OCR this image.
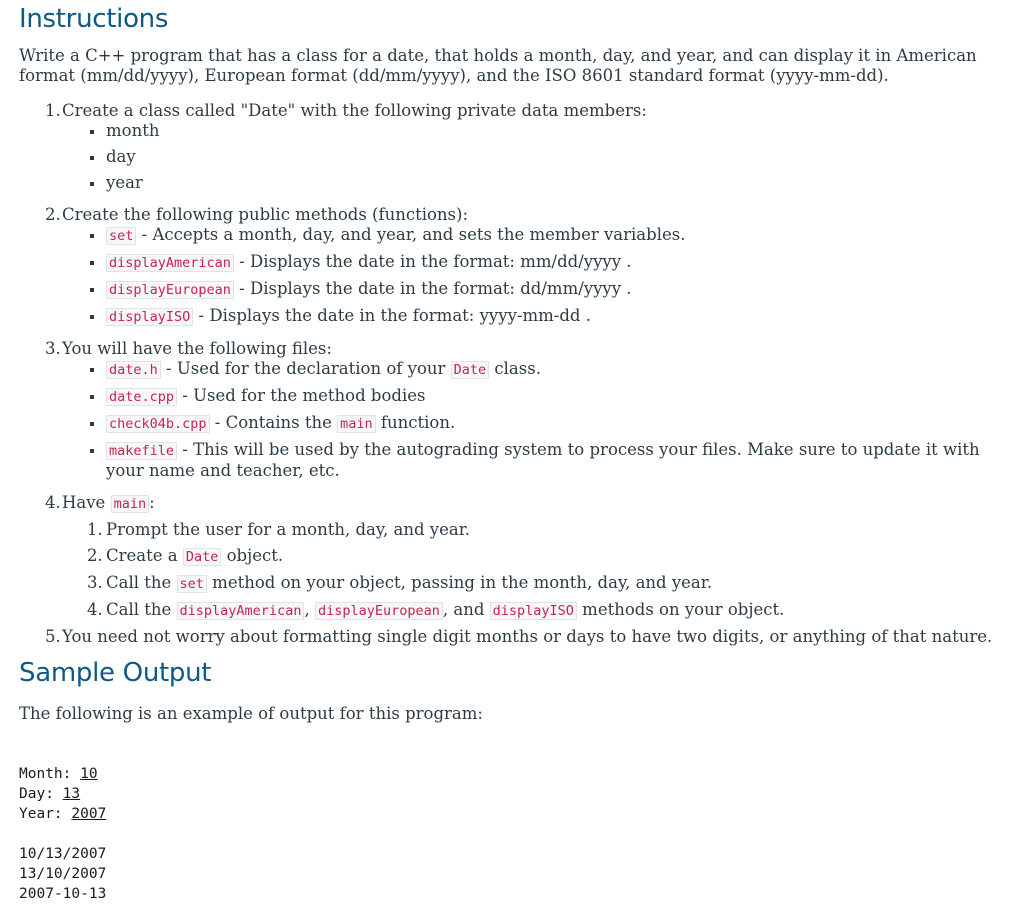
Instructions

Write a C++ program that has a class for a date, that holds a month, day, and year, and can display it in American format (mm/dd/yyyy), European format (dd/mm/yyyy), and the ISO 8601 standard format (yyyy-mm-dd).

1. Create a class called "Date" with the following private data members:
month
day
year
2. Create the following public methods (functions):
set - Accepts a month, day, and year, and sets the member variables.
displayAmerican - Displays the date in the format: mm/dd/yyyy .
displayEuropean - Displays the date in the format: dd/mm/yyyy .
displayISO - Displays the date in the format: yyyy-mm-dd .
3. You will have the following files:
date.h - Used for the declaration of your Date class.
date.cpp - Used for the method bodies
check04b.cpp - Contains the main function.
makefile - This will be used by the autograding system to process your files. Make sure to update it with your name and teacher, etc.
4. Have main :
1. Prompt the user for a month, day, and year.
2. Create a Date object.
3. Call the set method on your object, passing in the month, day, and year.
4. Call the displayAmerican , displayEuropean , and displayISO methods on your object.
5. You need not worry about formatting single digit months or days to have two digits, or anything of that nature.
Sample Output

The following is an example of output for this program:

Month: 10
Day: 13
Year: 2007
10/13/2007
13/10/2007
2007-10-13
